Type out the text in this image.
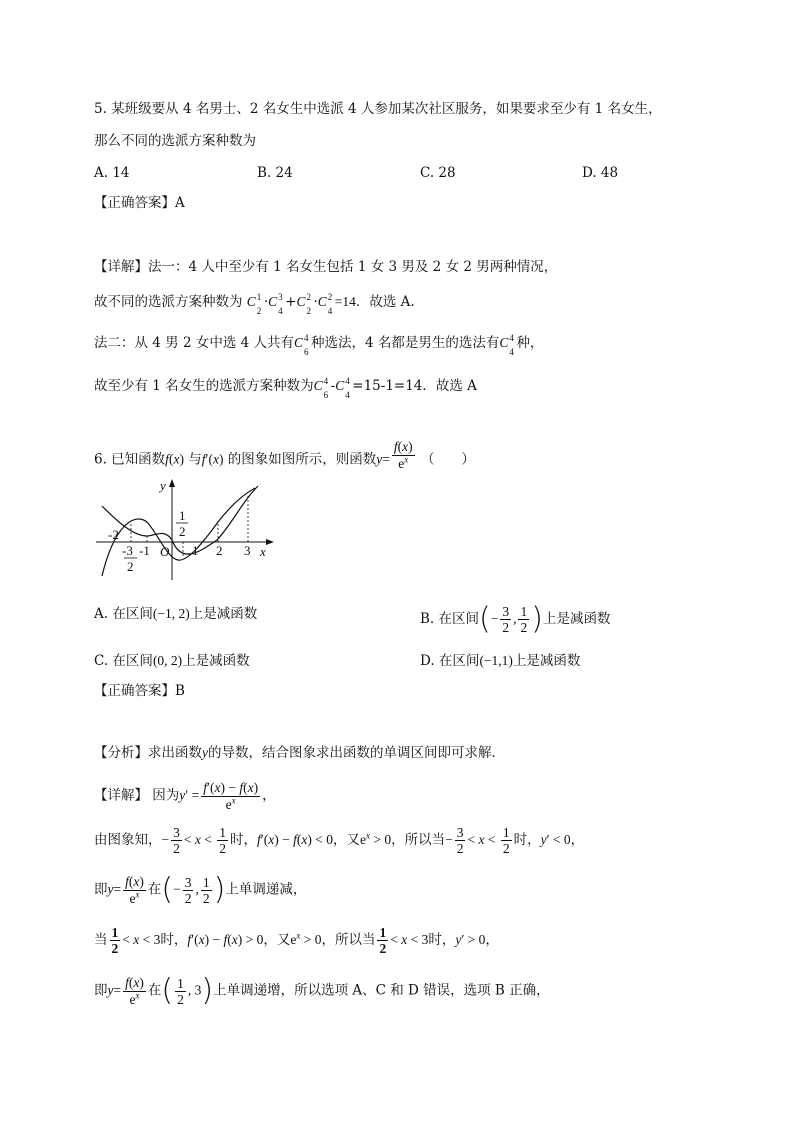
5. 某班级要从 4 名男士、2 名女生中选派 4 人参加某次社区服务，如果要求至少有 1 名女生，
那么不同的选派方案种数为
A. 14	B. 24	C. 28	D. 48
【正确答案】A
【详解】法一：4 人中至少有 1 名女生包括 1 女 3 男及 2 女 2 男两种情况，
故不同的选派方案种数为 C 1
2
·C 3
4
+C 2
2
·C 2
4
=14．故选 A.
法二：从 4 男 2 女中选 4 人共有C 4
6
种选法，4 名都是男生的选法有C 4
4
种，
故至少有 1 名女生的选派方案种数为C 4
6
-C 4
4
=15-1=14．故选 A
6. 已知函数f(x) 与f′(x) 的图象如图所示，则函数$y= \frac{f(x)}{e^x}$ （　　）
y
x
O
-2
-3
2
-1
1
2
1 2 3
A. 在区间(−1, 2)上是减函数	B. 在区间(− $\frac{3}{2}$ , $\frac{1}{2}$ )上是减函数
C. 在区间(0, 2)上是减函数	D. 在区间(−1,1)上是减函数
【正确答案】B
【分析】求出函数y的导数，结合图象求出函数的单调区间即可求解．
【详解】 因为$y' = \frac{f'(x) - f(x)}{e^x}$ ，
由图象知，− $\frac{3}{2} < x < \frac{1}{2}$ 时，f′(x) − f(x) < 0，又$e^x > 0$，所以当− $\frac{3}{2} < x < \frac{1}{2}$ 时，y′ < 0，
即$y= \frac{f(x)}{e^x}$ 在(− $\frac{3}{2}$ , $\frac{1}{2}$ )上单调递减，
当 $\frac{1}{2} < x < 3$时，f′(x) − f(x) > 0，又$e^x > 0$，所以当 $\frac{1}{2} < x < 3$时，y′ > 0，
即$y= \frac{f(x)}{e^x}$ 在( $\frac{1}{2}$ , 3)上单调递增，所以选项 A、C 和 D 错误，选项 B 正确，
